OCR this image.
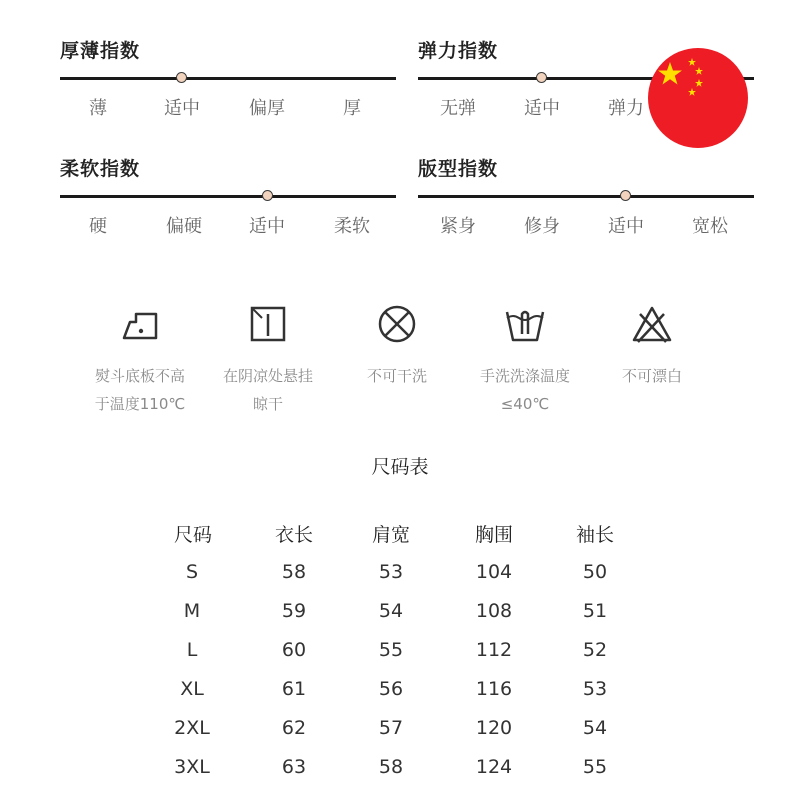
厚薄指数
薄	适中	偏厚	厚
弹力指数
无弹	适中	弹力
柔软指数
硬	偏硬	适中	柔软
版型指数
紧身	修身	适中	宽松
熨斗底板不高
于温度110℃
在阴凉处悬挂
晾干
不可干洗	手洗洗涤温度
≤40℃
不可漂白
尺码表
尺码	衣长	肩宽	胸围	袖长
S	58	53	104	50
M	59	54	108	51
L	60	55	112	52
XL	61	56	116	53
2XL	62	57	120	54
3XL	63	58	124	55
